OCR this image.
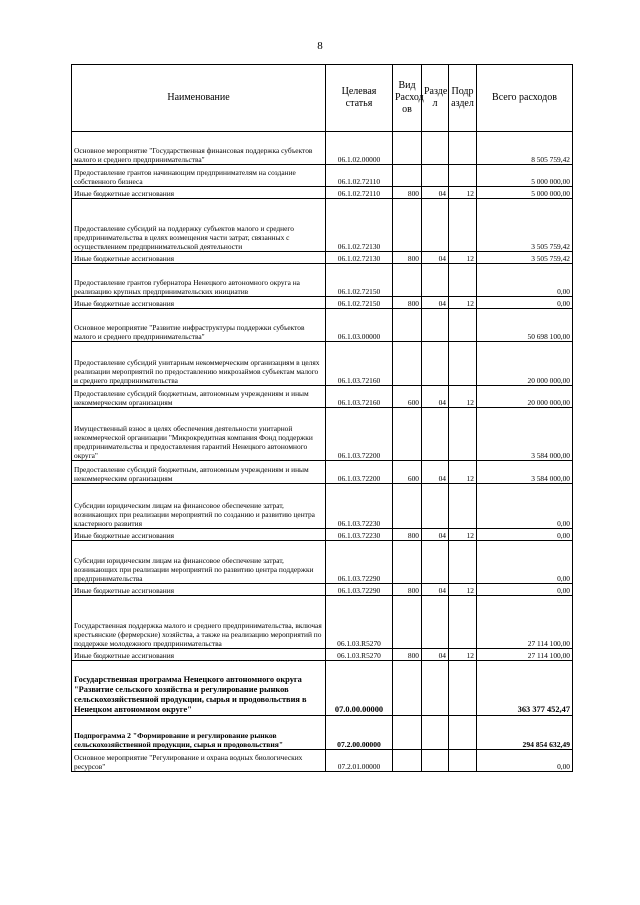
8
Наименование	Целевая статья	Вид Расход ов	Разде л	Подр аздел	Всего расходов
Основное мероприятие "Государственная финансовая поддержка субъектов малого и среднего предпринимательства"	06.1.02.00000				8 505 759,42
Предоставление грантов начинающим предпринимателям на создание собственного бизнеса	06.1.02.72110				5 000 000,00
Иные бюджетные ассигнования	06.1.02.72110	800	04	12	5 000 000,00
Предоставление субсидий на поддержку субъектов малого и среднего предпринимательства в целях возмещения части затрат, связанных с осуществлением предпринимательской деятельности	06.1.02.72130				3 505 759,42
Иные бюджетные ассигнования	06.1.02.72130	800	04	12	3 505 759,42
Предоставление грантов губернатора Ненецкого автономного округа на реализацию крупных предпринимательских инициатив	06.1.02.72150				0,00
Иные бюджетные ассигнования	06.1.02.72150	800	04	12	0,00
Основное мероприятие "Развитие инфраструктуры поддержки субъектов малого и среднего предпринимательства"	06.1.03.00000				50 698 100,00
Предоставление субсидий унитарным некоммерческим организациям в целях реализации мероприятий по предоставлению микрозаймов субъектам малого и среднего предпринимательства	06.1.03.72160				20 000 000,00
Предоставление субсидий бюджетным, автономным учреждениям и иным некоммерческим организациям	06.1.03.72160	600	04	12	20 000 000,00
Имущественный взнос в целях обеспечения деятельности унитарной некоммерческой организации "Микрокредитная компания Фонд поддержки предпринимательства и предоставления гарантий Ненецкого автономного округа"	06.1.03.72200				3 584 000,00
Предоставление субсидий бюджетным, автономным учреждениям и иным некоммерческим организациям	06.1.03.72200	600	04	12	3 584 000,00
Субсидии юридическим лицам на финансовое обеспечение затрат, возникающих при реализации мероприятий по созданию и развитию центра кластерного развития	06.1.03.72230				0,00
Иные бюджетные ассигнования	06.1.03.72230	800	04	12	0,00
Субсидии юридическим лицам на финансовое обеспечение затрат, возникающих при реализации мероприятий по развитию центра поддержки предпринимательства	06.1.03.72290				0,00
Иные бюджетные ассигнования	06.1.03.72290	800	04	12	0,00
Государственная поддержка малого и среднего предпринимательства, включая крестьянские (фермерские) хозяйства, а также на реализацию мероприятий по поддержке молодежного предпринимательства	06.1.03.R5270				27 114 100,00
Иные бюджетные ассигнования	06.1.03.R5270	800	04	12	27 114 100,00
Государственная программа Ненецкого автономного округа "Развитие сельского хозяйства и регулирование рынков сельскохозяйственной продукции, сырья и продовольствия в Ненецком автономном округе"	07.0.00.00000				363 377 452,47
Подпрограмма 2 "Формирование и регулирование рынков сельскохозяйственной продукции, сырья и продовольствия"	07.2.00.00000				294 854 632,49
Основное мероприятие "Регулирование и охрана водных биологических ресурсов"	07.2.01.00000				0,00
